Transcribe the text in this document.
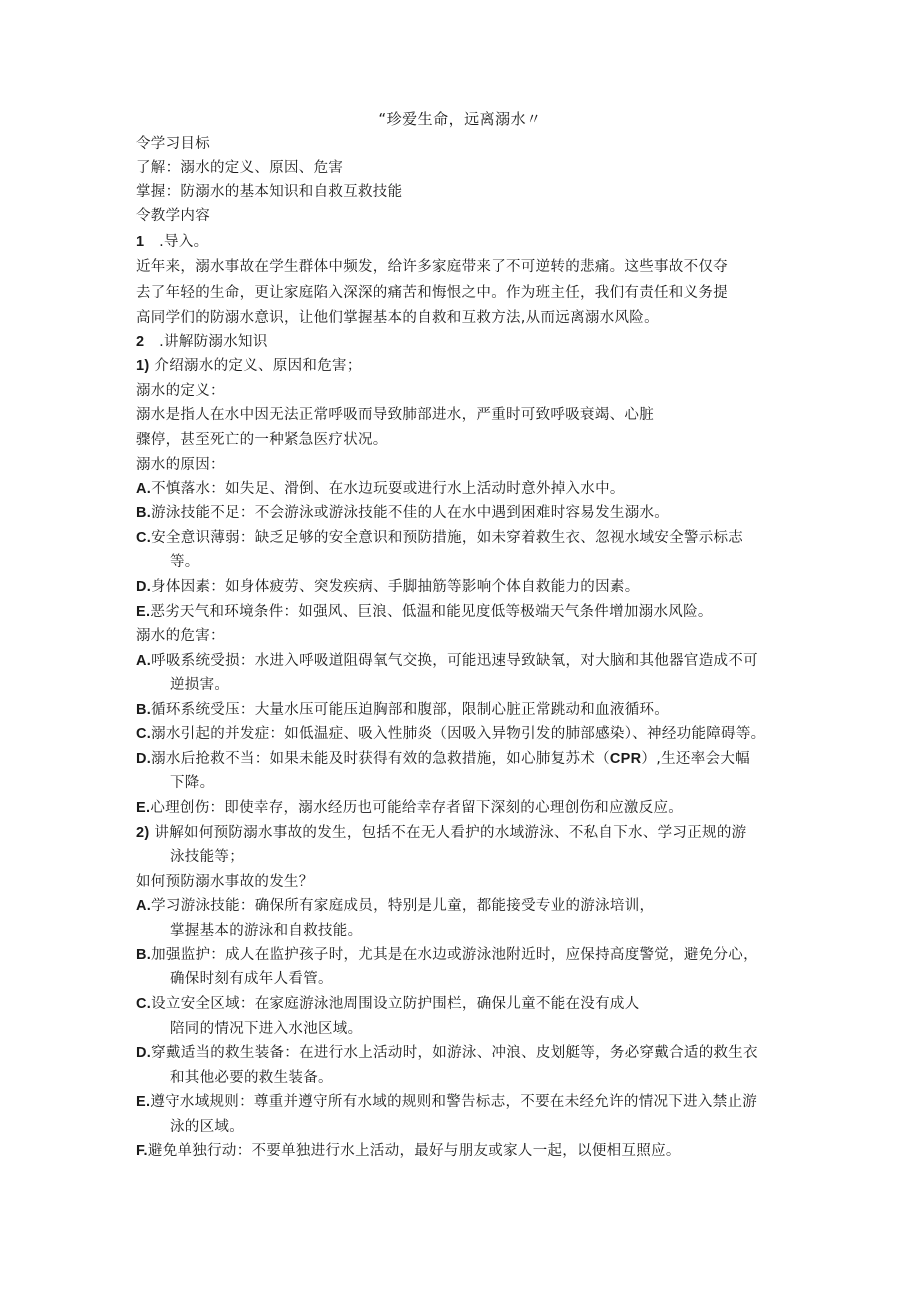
“珍爱生命，远离溺水〃
令学习目标
了解：溺水的定义、原因、危害
掌握：防溺水的基本知识和自救互救技能
令教学内容
1 .导入。
近年来，溺水事故在学生群体中频发，给许多家庭带来了不可逆转的悲痛。这些事故不仅夺
去了年轻的生命，更让家庭陷入深深的痛苦和悔恨之中。作为班主任，我们有责任和义务提
高同学们的防溺水意识，让他们掌握基本的自救和互救方法,从而远离溺水风险。
2 .讲解防溺水知识
1) 介绍溺水的定义、原因和危害；
溺水的定义：
溺水是指人在水中因无法正常呼吸而导致肺部进水，严重时可致呼吸衰竭、心脏
骤停，甚至死亡的一种紧急医疗状况。
溺水的原因：
A.不慎落水：如失足、滑倒、在水边玩耍或进行水上活动时意外掉入水中。
B.游泳技能不足：不会游泳或游泳技能不佳的人在水中遇到困难时容易发生溺水。
C.安全意识薄弱：缺乏足够的安全意识和预防措施，如未穿着救生衣、忽视水域安全警示标志
等。
D.身体因素：如身体疲劳、突发疾病、手脚抽筋等影响个体自救能力的因素。
E.恶劣天气和环境条件：如强风、巨浪、低温和能见度低等极端天气条件增加溺水风险。
溺水的危害：
A.呼吸系统受损：水进入呼吸道阻碍氧气交换，可能迅速导致缺氧，对大脑和其他器官造成不可
逆损害。
B.循环系统受压：大量水压可能压迫胸部和腹部，限制心脏正常跳动和血液循环。
C.溺水引起的并发症：如低温症、吸入性肺炎（因吸入异物引发的肺部感染）、神经功能障碍等。
D.溺水后抢救不当：如果未能及时获得有效的急救措施，如心肺复苏术（CPR）,生还率会大幅
下降。
E.心理创伤：即使幸存，溺水经历也可能给幸存者留下深刻的心理创伤和应激反应。
2) 讲解如何预防溺水事故的发生，包括不在无人看护的水域游泳、不私自下水、学习正规的游
泳技能等；
如何预防溺水事故的发生？
A.学习游泳技能：确保所有家庭成员，特别是儿童，都能接受专业的游泳培训，
掌握基本的游泳和自救技能。
B.加强监护：成人在监护孩子时，尤其是在水边或游泳池附近时，应保持高度警觉，避免分心，
确保时刻有成年人看管。
C.设立安全区域：在家庭游泳池周围设立防护围栏，确保儿童不能在没有成人
陪同的情况下进入水池区域。
D.穿戴适当的救生装备：在进行水上活动时，如游泳、冲浪、皮划艇等，务必穿戴合适的救生衣
和其他必要的救生装备。
E.遵守水域规则：尊重并遵守所有水域的规则和警告标志，不要在未经允许的情况下进入禁止游
泳的区域。
F.避免单独行动：不要单独进行水上活动，最好与朋友或家人一起，以便相互照应。
